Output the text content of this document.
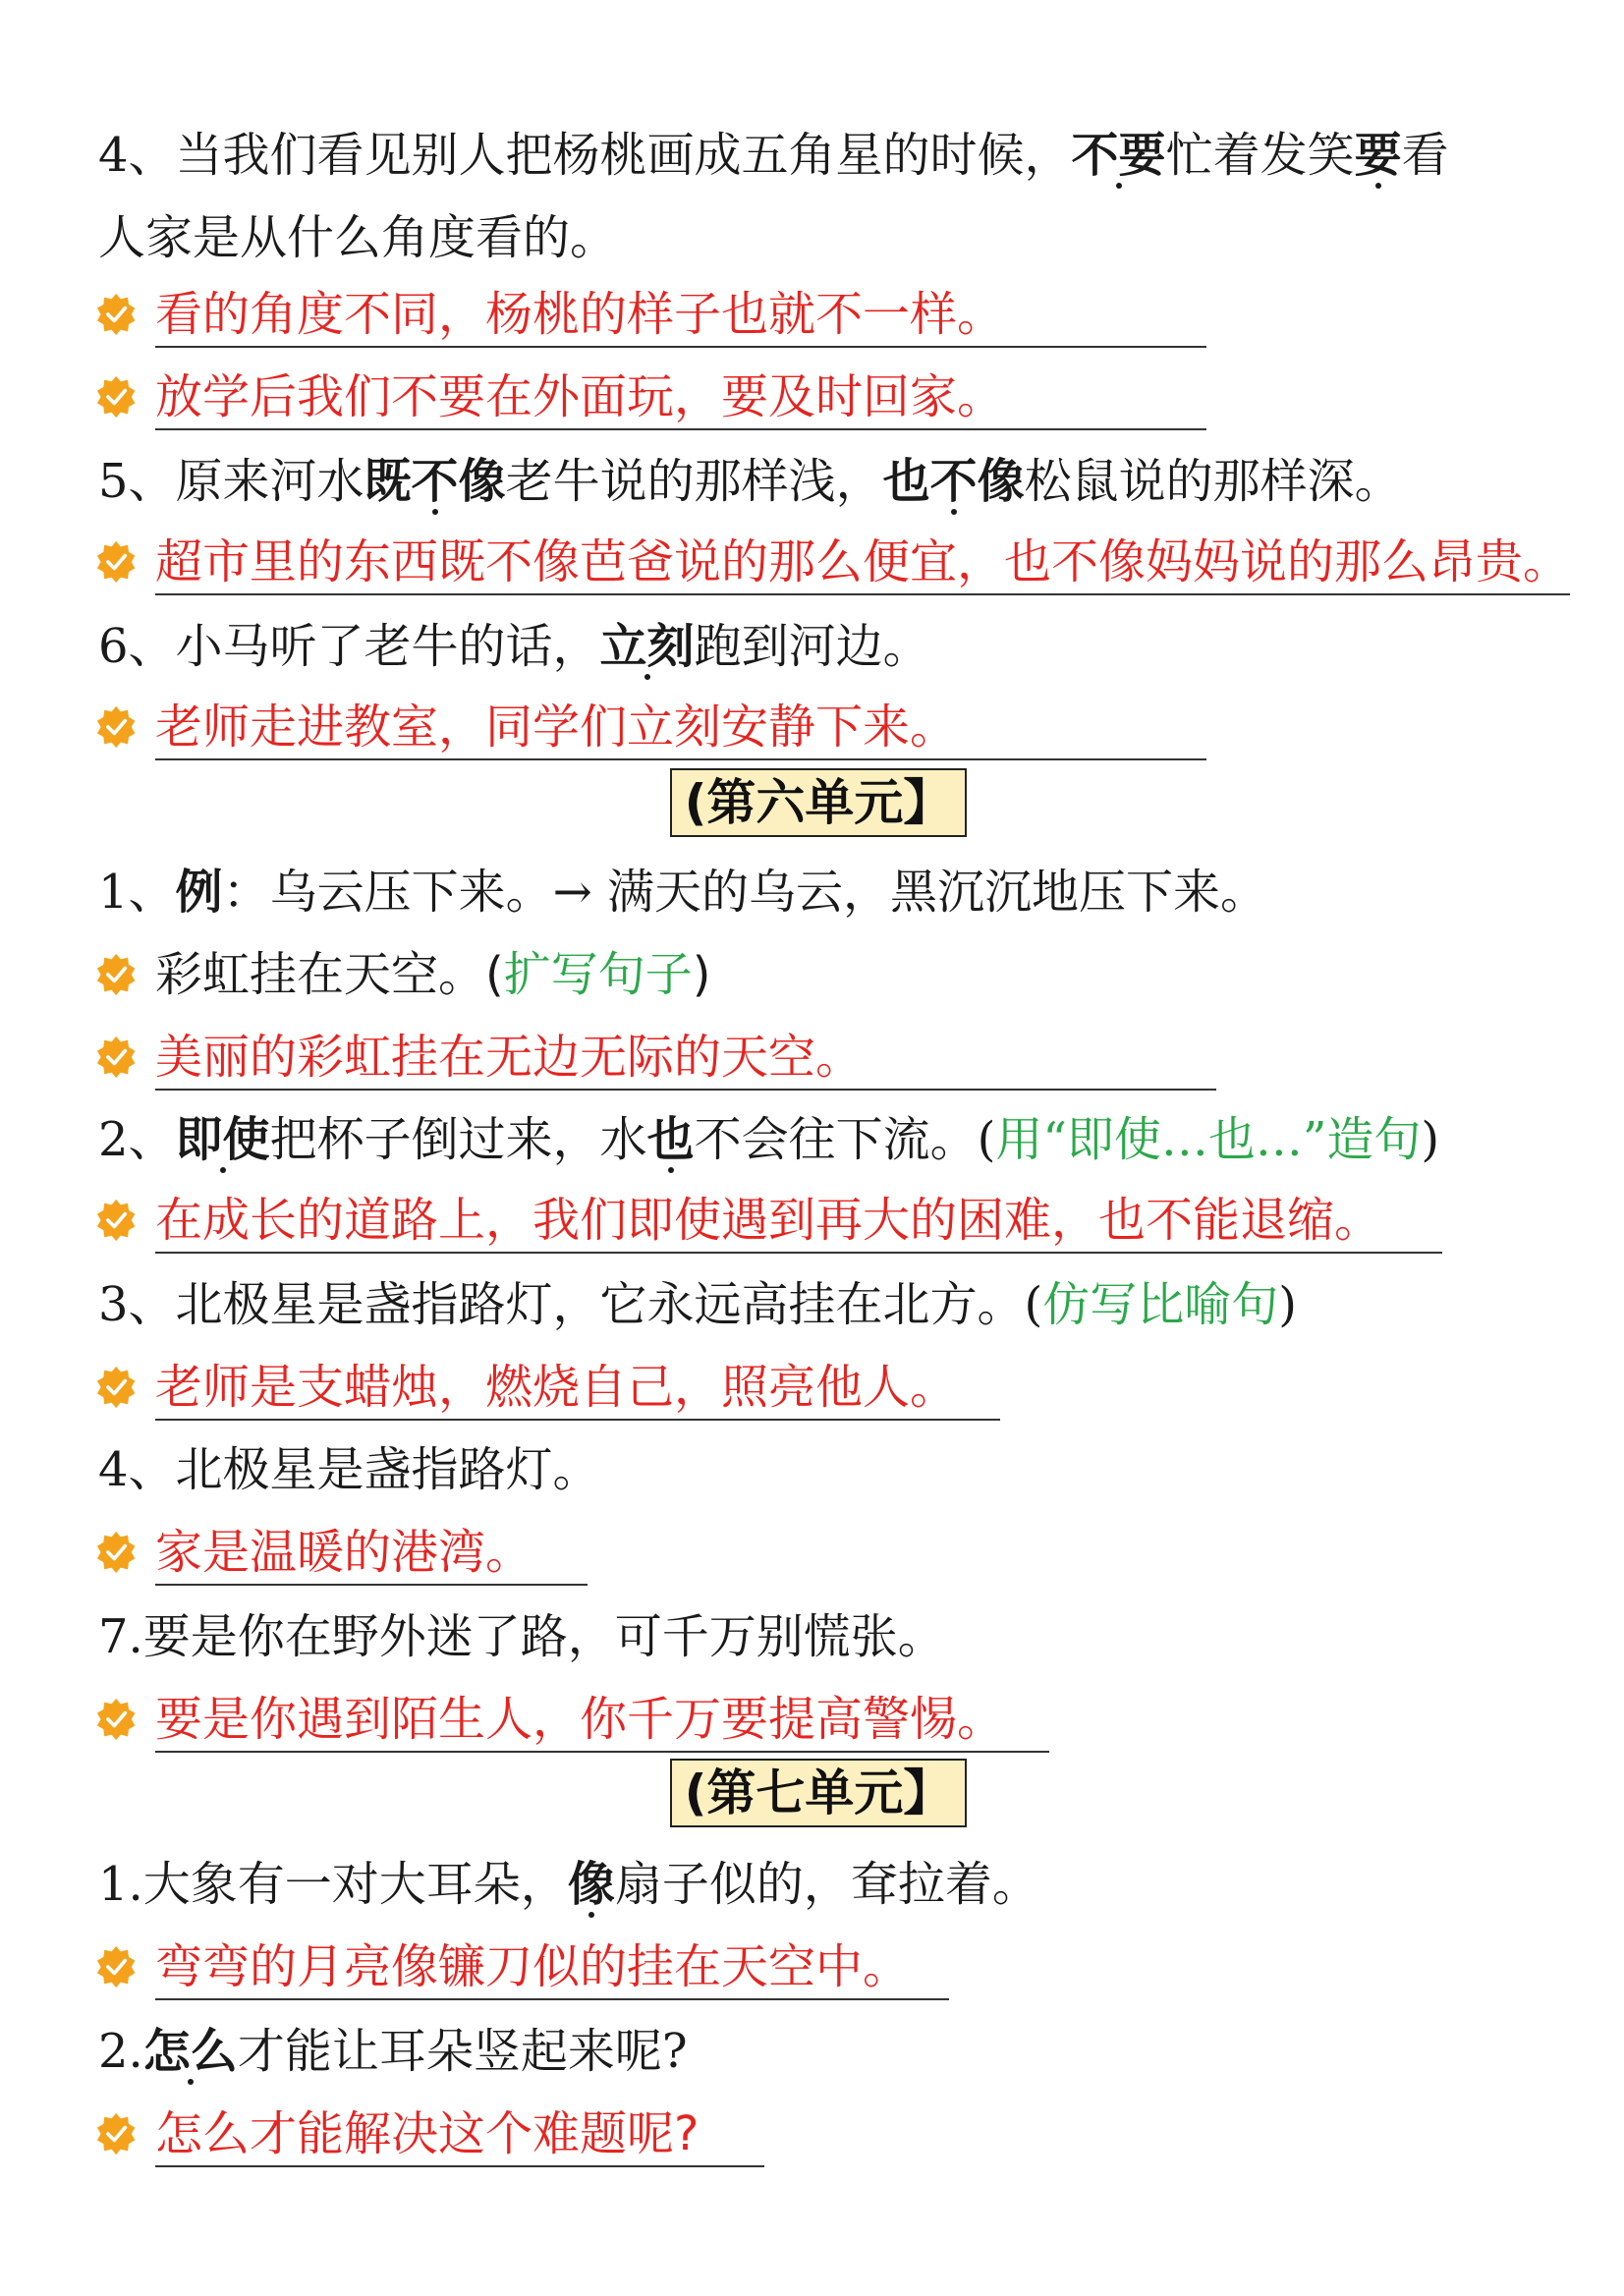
4、当我们看见别人把杨桃画成五角星的时候，不要忙着发笑要看
人家是从什么角度看的。
看的角度不同，杨桃的样子也就不一样。
放学后我们不要在外面玩，要及时回家。
5、原来河水既不像老牛说的那样浅，也不像松鼠说的那样深。
超市里的东西既不像芭爸说的那么便宜，也不像妈妈说的那么昂贵。
6、小马听了老牛的话，立刻跑到河边。
老师走进教室，同学们立刻安静下来。
(第六单元】
1、例：乌云压下来。→ 满天的乌云，黑沉沉地压下来。
彩虹挂在天空。(扩写句子)
美丽的彩虹挂在无边无际的天空。
2、即使把杯子倒过来，水也不会往下流。(用“即使…也…”造句)
在成长的道路上，我们即使遇到再大的困难，也不能退缩。
3、北极星是盏指路灯，它永远高挂在北方。(仿写比喻句)
老师是支蜡烛，燃烧自己，照亮他人。
4、北极星是盏指路灯。
家是温暖的港湾。
7.要是你在野外迷了路，可千万别慌张。
要是你遇到陌生人，你千万要提高警惕。
(第七单元】
1.大象有一对大耳朵，像扇子似的，耷拉着。
弯弯的月亮像镰刀似的挂在天空中。
2.怎么才能让耳朵竖起来呢?
怎么才能解决这个难题呢?
